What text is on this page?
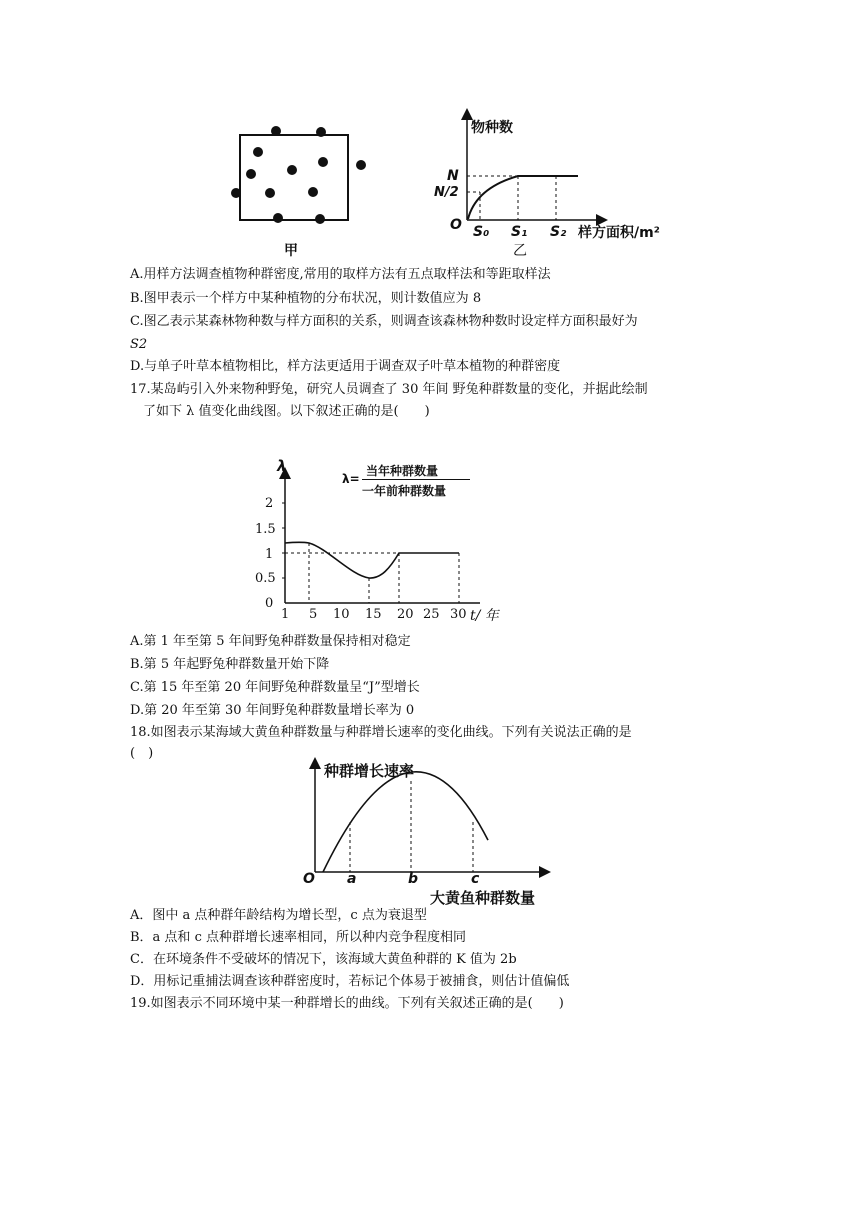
甲
物种数
N
N/2
O S₀ S₁ S₂ 样方面积/m²
乙
A.用样方法调查植物种群密度,常用的取样方法有五点取样法和等距取样法
B.图甲表示一个样方中某种植物的分布状况，则计数值应为 8
C.图乙表示某森林物种数与样方面积的关系，则调查该森林物种数时设定样方面积最好为
S2
D.与单子叶草本植物相比，样方法更适用于调查双子叶草本植物的种群密度
17.某岛屿引入外来物种野兔，研究人员调查了 30 年间 野兔种群数量的变化，并据此绘制
了如下 λ 值变化曲线图。以下叙述正确的是(　　)
λ
λ=
当年种群数量
一年前种群数量
0
0.5
1
1.5
2
1 5 10 15 20 25 30 t/ 年
A.第 1 年至第 5 年间野兔种群数量保持相对稳定
B.第 5 年起野兔种群数量开始下降
C.第 15 年至第 20 年间野兔种群数量呈“J”型增长
D.第 20 年至第 30 年间野兔种群数量增长率为 0
18.如图表示某海域大黄鱼种群数量与种群增长速率的变化曲线。下列有关说法正确的是
(　)
种群增长速率
O a	b	c
大黄鱼种群数量
A．图中 a 点种群年龄结构为增长型，c 点为衰退型
B．a 点和 c 点种群增长速率相同，所以种内竞争程度相同
C．在环境条件不受破坏的情况下，该海域大黄鱼种群的 K 值为 2b
D．用标记重捕法调查该种群密度时，若标记个体易于被捕食，则估计值偏低
19.如图表示不同环境中某一种群增长的曲线。下列有关叙述正确的是(　　)
